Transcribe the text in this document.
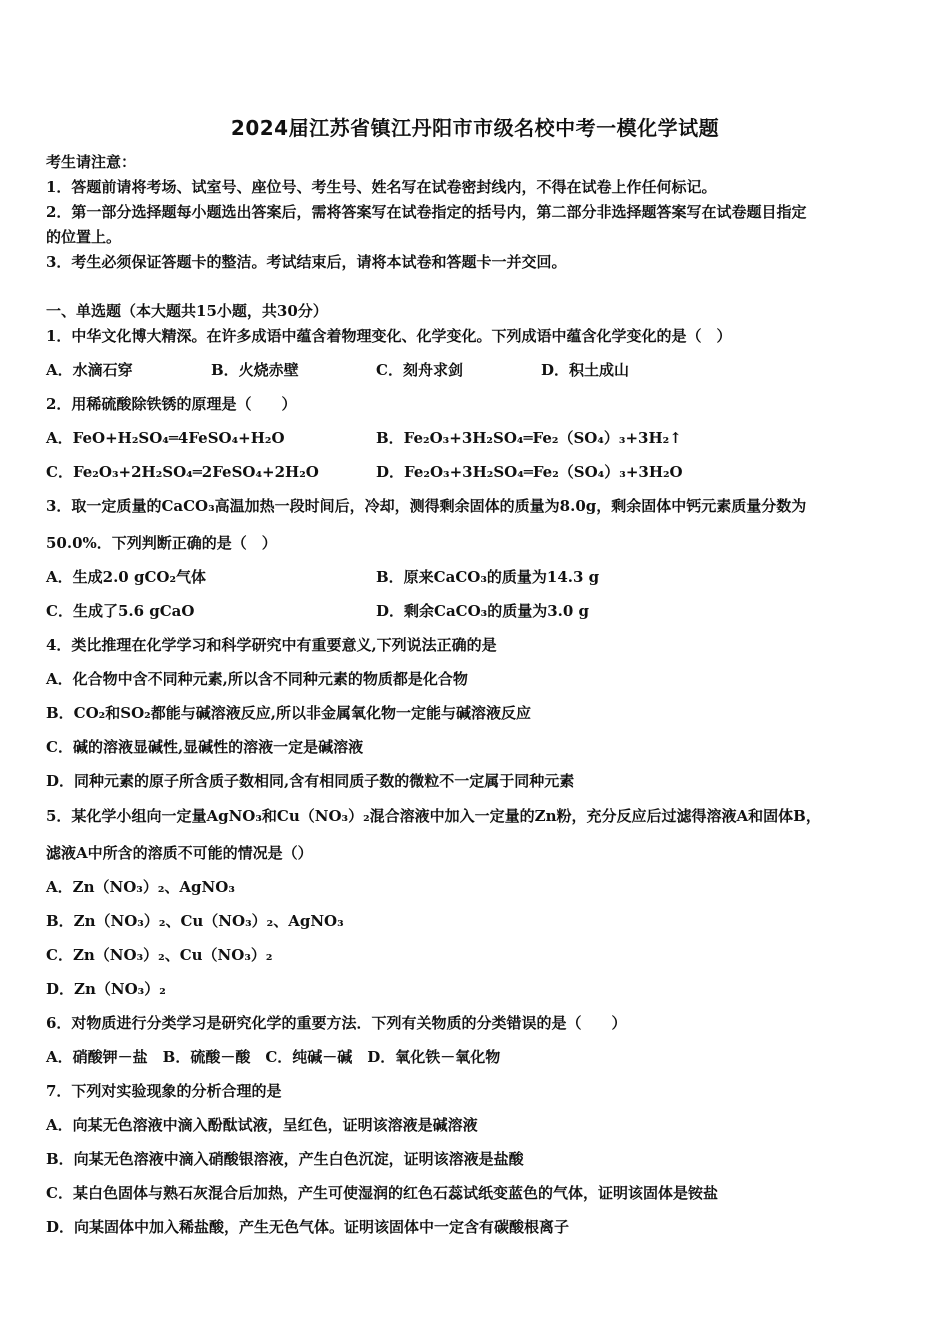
2024届江苏省镇江丹阳市市级名校中考一模化学试题
考生请注意：
1．答题前请将考场、试室号、座位号、考生号、姓名写在试卷密封线内，不得在试卷上作任何标记。
2．第一部分选择题每小题选出答案后，需将答案写在试卷指定的括号内，第二部分非选择题答案写在试卷题目指定
的位置上。
3．考生必须保证答题卡的整洁。考试结束后，请将本试卷和答题卡一并交回。
一、单选题（本大题共15小题，共30分）
1．中华文化博大精深。在许多成语中蕴含着物理变化、化学变化。下列成语中蕴含化学变化的是（　）
A．水滴石穿	B．火烧赤壁	C．刻舟求剑	D．积土成山
2．用稀硫酸除铁锈的原理是（　　）
A．FeO+H₂SO₄═4FeSO₄+H₂O	B．Fe₂O₃+3H₂SO₄═Fe₂（SO₄）₃+3H₂↑
C．Fe₂O₃+2H₂SO₄═2FeSO₄+2H₂O	D．Fe₂O₃+3H₂SO₄═Fe₂（SO₄）₃+3H₂O
3．取一定质量的CaCO₃高温加热一段时间后，冷却，测得剩余固体的质量为8.0g，剩余固体中钙元素质量分数为
50.0%．下列判断正确的是（　）
A．生成2.0 gCO₂气体	B．原来CaCO₃的质量为14.3 g
C．生成了5.6 gCaO	D．剩余CaCO₃的质量为3.0 g
4．类比推理在化学学习和科学研究中有重要意义,下列说法正确的是
A．化合物中含不同种元素,所以含不同种元素的物质都是化合物
B．CO₂和SO₂都能与碱溶液反应,所以非金属氧化物一定能与碱溶液反应
C．碱的溶液显碱性,显碱性的溶液一定是碱溶液
D．同种元素的原子所含质子数相同,含有相同质子数的微粒不一定属于同种元素
5．某化学小组向一定量AgNO₃和Cu（NO₃）₂混合溶液中加入一定量的Zn粉，充分反应后过滤得溶液A和固体B，
滤液A中所含的溶质不可能的情况是（）
A．Zn（NO₃）₂、AgNO₃
B．Zn（NO₃）₂、Cu（NO₃）₂、AgNO₃
C．Zn（NO₃）₂、Cu（NO₃）₂
D．Zn（NO₃）₂
6．对物质进行分类学习是研究化学的重要方法．下列有关物质的分类错误的是（　　）
A．硝酸钾－盐　B．硫酸－酸　C．纯碱－碱　D．氧化铁－氧化物
7．下列对实验现象的分析合理的是
A．向某无色溶液中滴入酚酞试液，呈红色，证明该溶液是碱溶液
B．向某无色溶液中滴入硝酸银溶液，产生白色沉淀，证明该溶液是盐酸
C．某白色固体与熟石灰混合后加热，产生可使湿润的红色石蕊试纸变蓝色的气体，证明该固体是铵盐
D．向某固体中加入稀盐酸，产生无色气体。证明该固体中一定含有碳酸根离子
